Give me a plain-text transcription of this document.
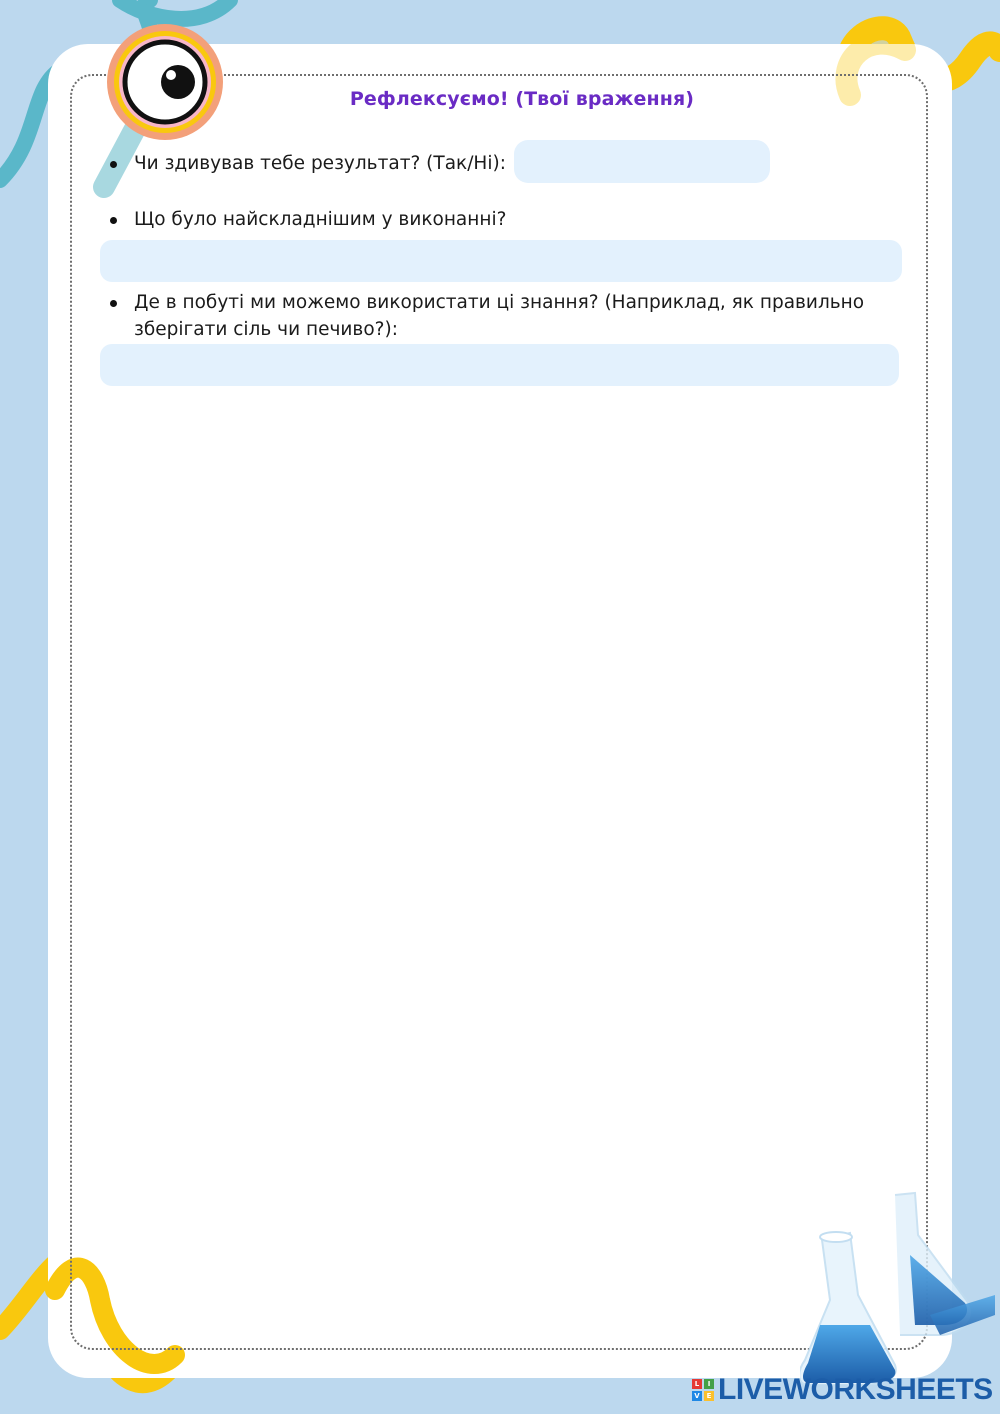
Рефлексуємо! (Твої враження)
Чи здивував тебе результат? (Так/Ні):
Що було найскладнішим у виконанні?
Де в побуті ми можемо використати ці знання? (Наприклад, як правильно
зберігати сіль чи печиво?):
L	I
V E LIVEWORKSHEETS
